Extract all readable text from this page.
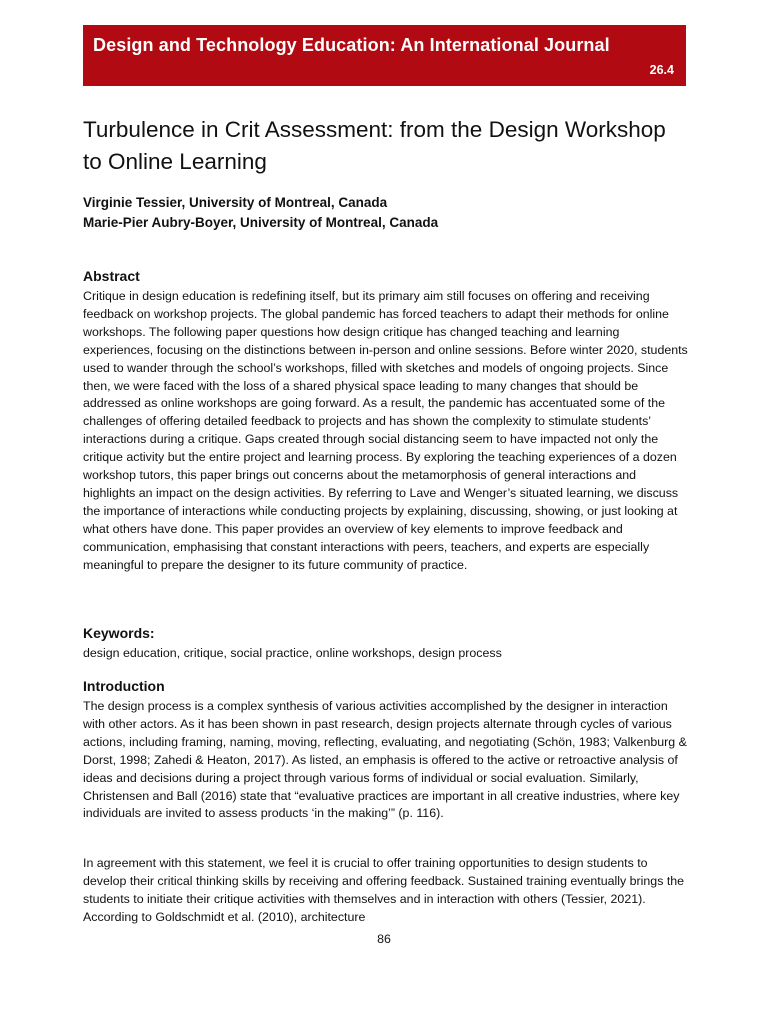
Design and Technology Education: An International Journal
26.4
Turbulence in Crit Assessment: from the Design Workshop to Online Learning
Virginie Tessier, University of Montreal, Canada
Marie-Pier Aubry-Boyer, University of Montreal, Canada
Abstract

Critique in design education is redefining itself, but its primary aim still focuses on offering and receiving feedback on workshop projects. The global pandemic has forced teachers to adapt their methods for online workshops. The following paper questions how design critique has changed teaching and learning experiences, focusing on the distinctions between in-person and online sessions. Before winter 2020, students used to wander through the school’s workshops, filled with sketches and models of ongoing projects. Since then, we were faced with the loss of a shared physical space leading to many changes that should be addressed as online workshops are going forward. As a result, the pandemic has accentuated some of the challenges of offering detailed feedback to projects and has shown the complexity to stimulate students’ interactions during a critique. Gaps created through social distancing seem to have impacted not only the critique activity but the entire project and learning process. By exploring the teaching experiences of a dozen workshop tutors, this paper brings out concerns about the metamorphosis of general interactions and highlights an impact on the design activities. By referring to Lave and Wenger’s situated learning, we discuss the importance of interactions while conducting projects by explaining, discussing, showing, or just looking at what others have done. This paper provides an overview of key elements to improve feedback and communication, emphasising that constant interactions with peers, teachers, and experts are especially meaningful to prepare the designer to its future community of practice.

Keywords:

design education, critique, social practice, online workshops, design process

Introduction

The design process is a complex synthesis of various activities accomplished by the designer in interaction with other actors. As it has been shown in past research, design projects alternate through cycles of various actions, including framing, naming, moving, reflecting, evaluating, and negotiating (Schön, 1983; Valkenburg & Dorst, 1998; Zahedi & Heaton, 2017). As listed, an emphasis is offered to the active or retroactive analysis of ideas and decisions during a project through various forms of individual or social evaluation. Similarly, Christensen and Ball (2016) state that “evaluative practices are important in all creative industries, where key individuals are invited to assess products ‘in the making’” (p. 116).

In agreement with this statement, we feel it is crucial to offer training opportunities to design students to develop their critical thinking skills by receiving and offering feedback. Sustained training eventually brings the students to initiate their critique activities with themselves and in interaction with others (Tessier, 2021). According to Goldschmidt et al. (2010), architecture

86
